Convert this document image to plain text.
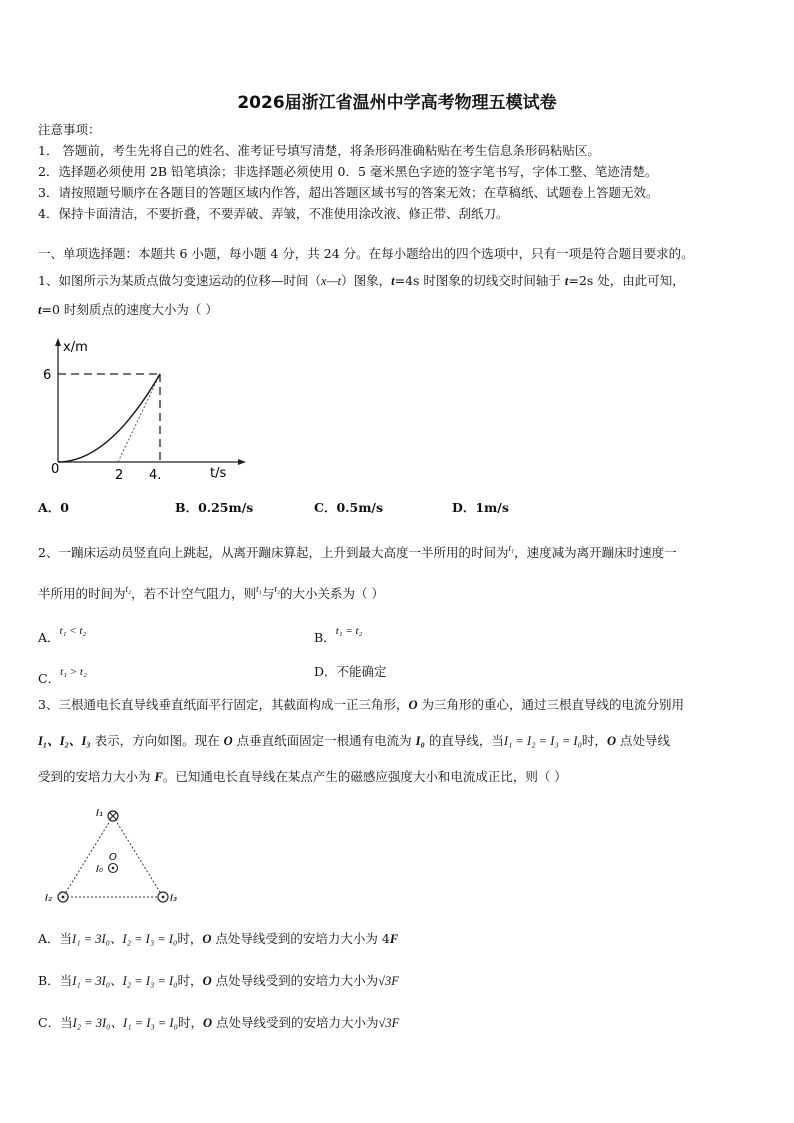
2026届浙江省温州中学高考物理五模试卷
注意事项：
1． 答题前，考生先将自己的姓名、准考证号填写清楚，将条形码准确粘贴在考生信息条形码粘贴区。
2．选择题必须使用 2B 铅笔填涂；非选择题必须使用 0．5 毫米黑色字迹的签字笔书写，字体工整、笔迹清楚。
3．请按照题号顺序在各题目的答题区域内作答，超出答题区域书写的答案无效；在草稿纸、试题卷上答题无效。
4．保持卡面清洁，不要折叠，不要弄破、弄皱，不准使用涂改液、修正带、刮纸刀。
一、单项选择题：本题共 6 小题，每小题 4 分，共 24 分。在每小题给出的四个选项中，只有一项是符合题目要求的。
1、如图所示为某质点做匀变速运动的位移—时间（x—t）图象，t=4s 时图象的切线交时间轴于 t=2s 处，由此可知，
t=0 时刻质点的速度大小为（ ）
x/m
6
0	2 4.	t/s
A．0	B．0.25m/s	C．0.5m/s	D．1m/s
2、一蹦床运动员竖直向上跳起，从离开蹦床算起，上升到最大高度一半所用的时间为$^{t_1}$，速度减为离开蹦床时速度一
半所用的时间为$^{t_2}$，若不计空气阻力，则$^{t_1}$与$^{t_2}$的大小关系为（ ）
A．t₁ < t₂	B．t₁ = t₂
C．t₁ > t₂	D．不能确定
3、三根通电长直导线垂直纸面平行固定，其截面构成一正三角形，O 为三角形的重心，通过三根直导线的电流分别用
I₁、I₂、I₃ 表示，方向如图。现在 O 点垂直纸面固定一根通有电流为 I₀ 的直导线，当I₁ = I₂ = I₃ = I₀时，O 点处导线
受到的安培力大小为 F。已知通电长直导线在某点产生的磁感应强度大小和电流成正比，则（ ）
I₁
I₂	I₃
I₀
O
A．当I₁ = 3I₀、I₂ = I₃ = I₀时，O 点处导线受到的安培力大小为 4F
B．当I₁ = 3I₀、I₂ = I₃ = I₀时，O 点处导线受到的安培力大小为√3F
C．当I₂ = 3I₀、I₁ = I₃ = I₀时，O 点处导线受到的安培力大小为√3F
